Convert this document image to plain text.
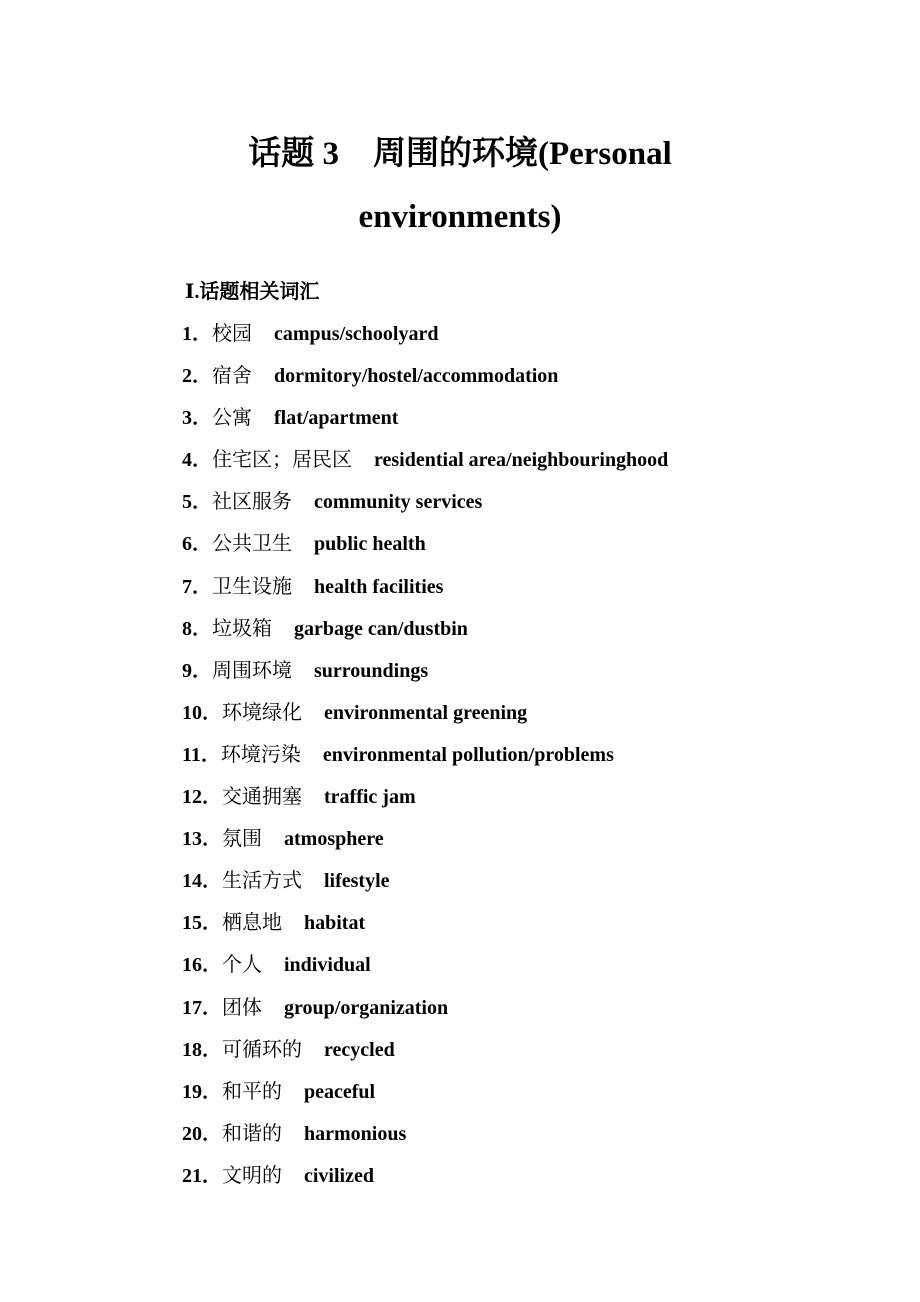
话题 3 周围的环境(Personal
environments)
Ⅰ.话题相关词汇
1．校园 campus/schoolyard
2．宿舍 dormitory/hostel/accommodation
3．公寓 flat/apartment
4．住宅区；居民区 residential area/neighbouringhood
5．社区服务 community services
6．公共卫生 public health
7．卫生设施 health facilities
8．垃圾箱 garbage can/dustbin
9．周围环境 surroundings
10．环境绿化 environmental greening
11．环境污染 environmental pollution/problems
12．交通拥塞 traffic jam
13．氛围 atmosphere
14．生活方式 lifestyle
15．栖息地 habitat
16．个人 individual
17．团体 group/organization
18．可循环的 recycled
19．和平的 peaceful
20．和谐的 harmonious
21．文明的 civilized
